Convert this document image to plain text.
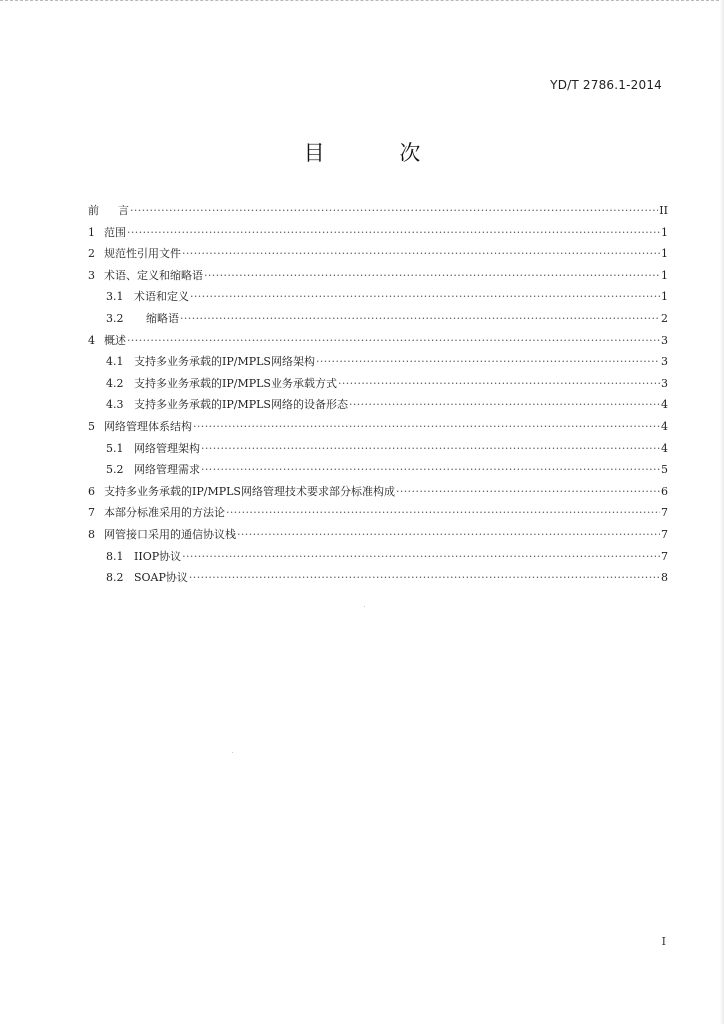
YD/T 2786.1-2014
目 次
前	言 ·····	II
1 范围 ·····	1
2 规范性引用文件 ·····	1
3 术语、定义和缩略语 ·····	1
3.1 术语和定义 ·····	1
3.2	缩略语 ·····	2
4 概述 ·····	3
4.1 支持多业务承载的IP/MPLS网络架构 ·····	3
4.2 支持多业务承载的IP/MPLS业务承载方式 ·····	3
4.3 支持多业务承载的IP/MPLS网络的设备形态 ·····	4
5 网络管理体系结构 ·····	4
5.1 网络管理架构 ·····	4
5.2 网络管理需求 ·····	5
6 支持多业务承载的IP/MPLS网络管理技术要求部分标准构成 ·····	6
7 本部分标准采用的方法论 ·····	7
8 网管接口采用的通信协议栈 ·····	7
8.1 IIOP协议 ·····	7
8.2 SOAP协议 ·····	8
I
